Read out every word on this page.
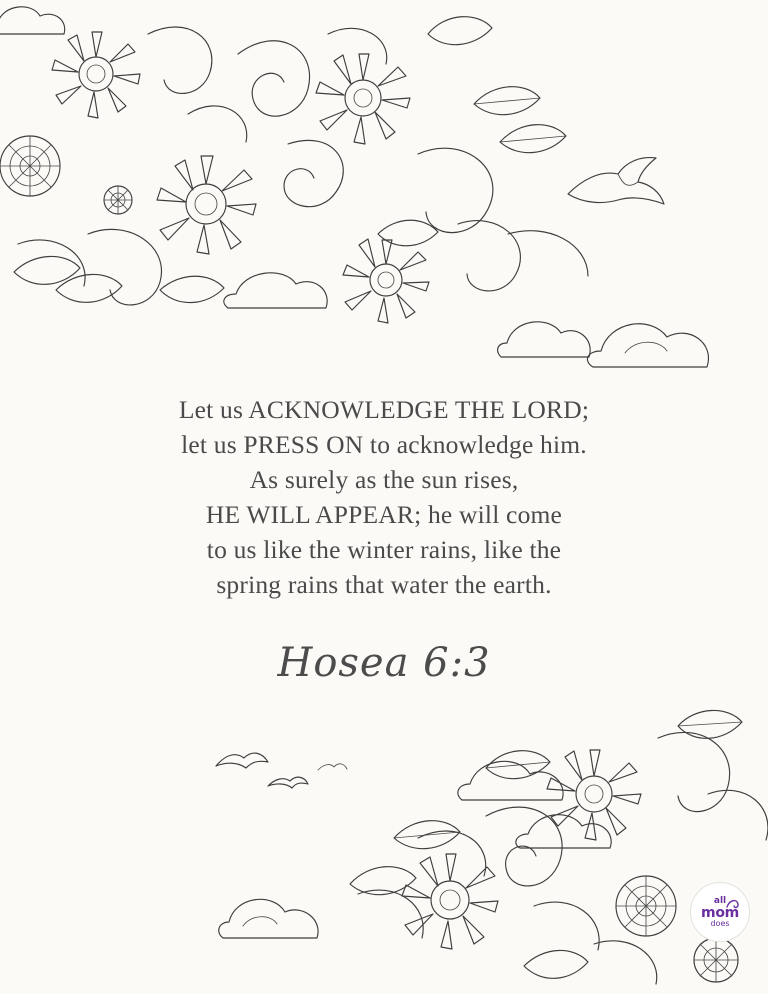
Let us ACKNOWLEDGE THE LORD;
let us PRESS ON to acknowledge him.
As surely as the sun rises,
HE WILL APPEAR; he will come
to us like the winter rains, like the
spring rains that water the earth.
Hosea 6:3
all
mom
does
